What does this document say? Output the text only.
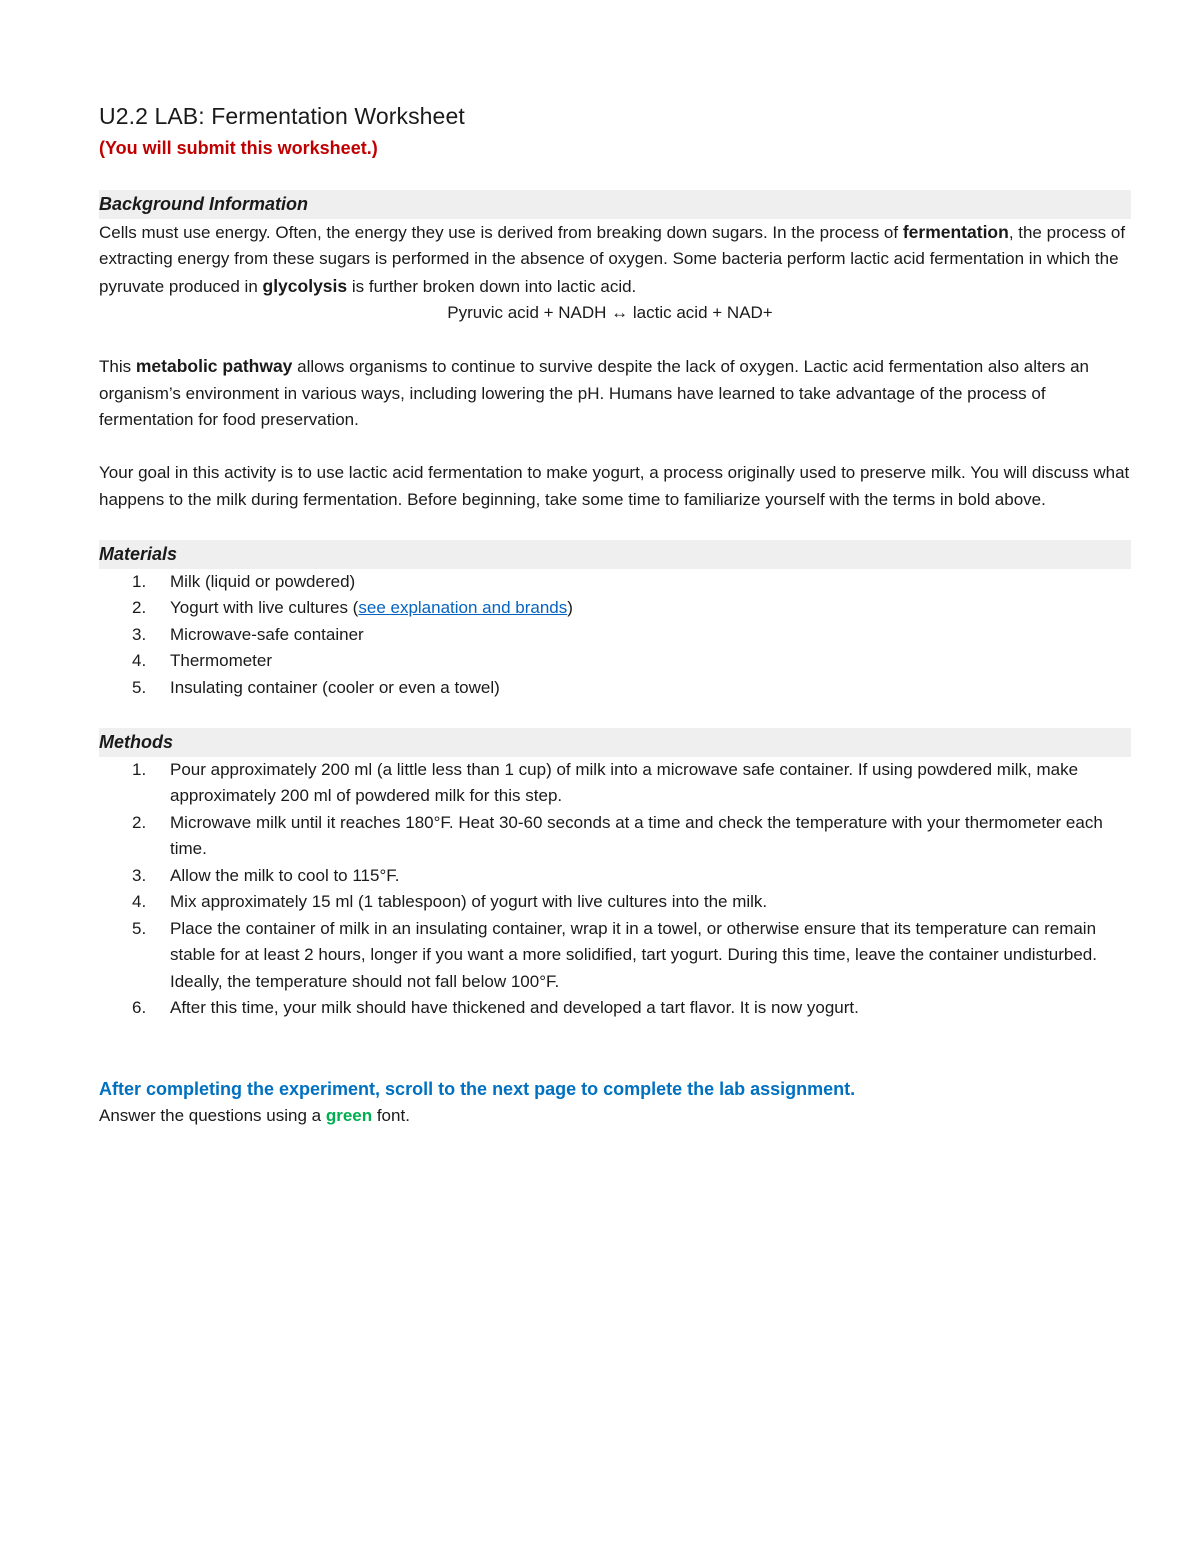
U2.2 LAB: Fermentation Worksheet

(You will submit this worksheet.)

Background Information

Cells must use energy. Often, the energy they use is derived from breaking down sugars. In the process of fermentation, the process of extracting energy from these sugars is performed in the absence of oxygen. Some bacteria perform lactic acid fermentation in which the pyruvate produced in glycolysis is further broken down into lactic acid.

Pyruvic acid + NADH ↔ lactic acid + NAD+

This metabolic pathway allows organisms to continue to survive despite the lack of oxygen. Lactic acid fermentation also alters an organism’s environment in various ways, including lowering the pH. Humans have learned to take advantage of the process of fermentation for food preservation.

Your goal in this activity is to use lactic acid fermentation to make yogurt, a process originally used to preserve milk. You will discuss what happens to the milk during fermentation. Before beginning, take some time to familiarize yourself with the terms in bold above.

Materials
1. Milk (liquid or powdered)
2. Yogurt with live cultures (see explanation and brands)
3. Microwave-safe container
4. Thermometer
5. Insulating container (cooler or even a towel)
Methods
1. Pour approximately 200 ml (a little less than 1 cup) of milk into a microwave safe container. If using powdered milk, make approximately 200 ml of powdered milk for this step.
2. Microwave milk until it reaches 180°F. Heat 30-60 seconds at a time and check the temperature with your thermometer each time.
3. Allow the milk to cool to 115°F.
4. Mix approximately 15 ml (1 tablespoon) of yogurt with live cultures into the milk.
5. Place the container of milk in an insulating container, wrap it in a towel, or otherwise ensure that its temperature can remain stable for at least 2 hours, longer if you want a more solidified, tart yogurt. During this time, leave the container undisturbed. Ideally, the temperature should not fall below 100°F.
6. After this time, your milk should have thickened and developed a tart flavor. It is now yogurt.

After completing the experiment, scroll to the next page to complete the lab assignment.

Answer the questions using a green font.
